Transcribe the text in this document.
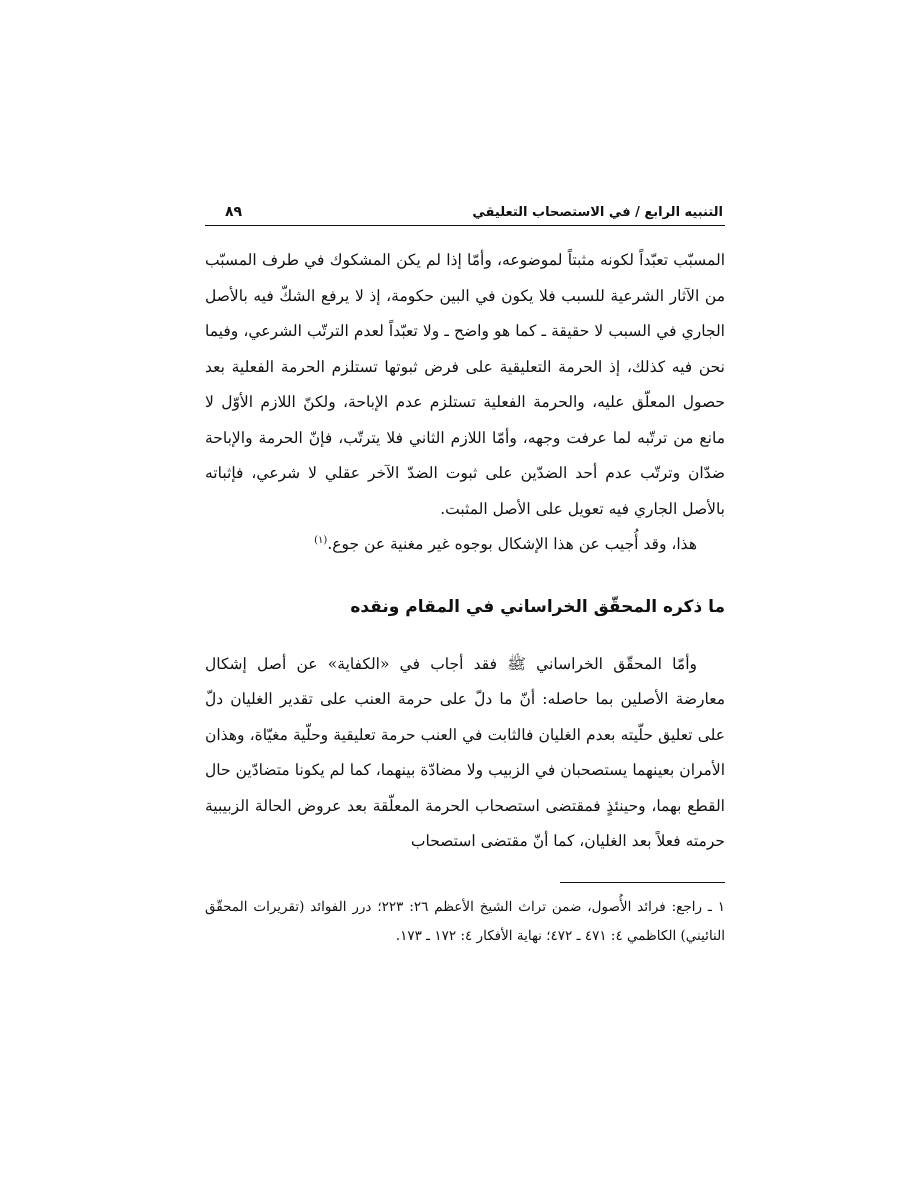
التنبيه الرابع / في الاستصحاب التعليقي
٨٩

المسبّب تعبّداً لكونه مثبتاً لموضوعه، وأمّا إذا لم يكن المشكوك في طرف المسبّب من الآثار الشرعية للسبب فلا يكون في البين حكومة، إذ لا يرفع الشكّ فيه بالأصل الجاري في السبب لا حقيقة ـ كما هو واضح ـ ولا تعبّداً لعدم الترتّب الشرعي، وفيما نحن فيه كذلك، إذ الحرمة التعليقية على فرض ثبوتها تستلزم الحرمة الفعلية بعد حصول المعلّق عليه، والحرمة الفعلية تستلزم عدم الإباحة، ولكنّ اللازم الأوّل لا مانع من ترتّبه لما عرفت وجهه، وأمّا اللازم الثاني فلا يترتّب، فإنّ الحرمة والإباحة ضدّان وترتّب عدم أحد الضدّين على ثبوت الضدّ الآخر عقلي لا شرعي، فإثباته بالأصل الجاري فيه تعويل على الأصل المثبت.

هذا، وقد أُجيب عن هذا الإشكال بوجوه غير مغنية عن جوع.$^{(١)}$

ما ذكره المحقّق الخراساني في المقام ونقده

وأمّا المحقّق الخراساني ﷺ فقد أجاب في «الكفاية» عن أصل إشكال معارضة الأصلين بما حاصله: أنّ ما دلّ على حرمة العنب على تقدير الغليان دلّ على تعليق حلّيته بعدم الغليان فالثابت في العنب حرمة تعليقية وحلّية مغيّاة، وهذان الأمران بعينهما يستصحبان في الزبيب ولا مضادّة بينهما، كما لم يكونا متضادّين حال القطع بهما، وحينئذٍ فمقتضى استصحاب الحرمة المعلّقة بعد عروض الحالة الزبيبية حرمته فعلاً بعد الغليان، كما أنّ مقتضى استصحاب

١ ـ راجع: فرائد الأُصول، ضمن تراث الشيخ الأعظم ٢٦: ٢٢٣؛ درر الفوائد (تقريرات المحقّق النائيني) الكاظمي ٤: ٤٧١ ـ ٤٧٢؛ نهاية الأفكار ٤: ١٧٢ ـ ١٧٣.
